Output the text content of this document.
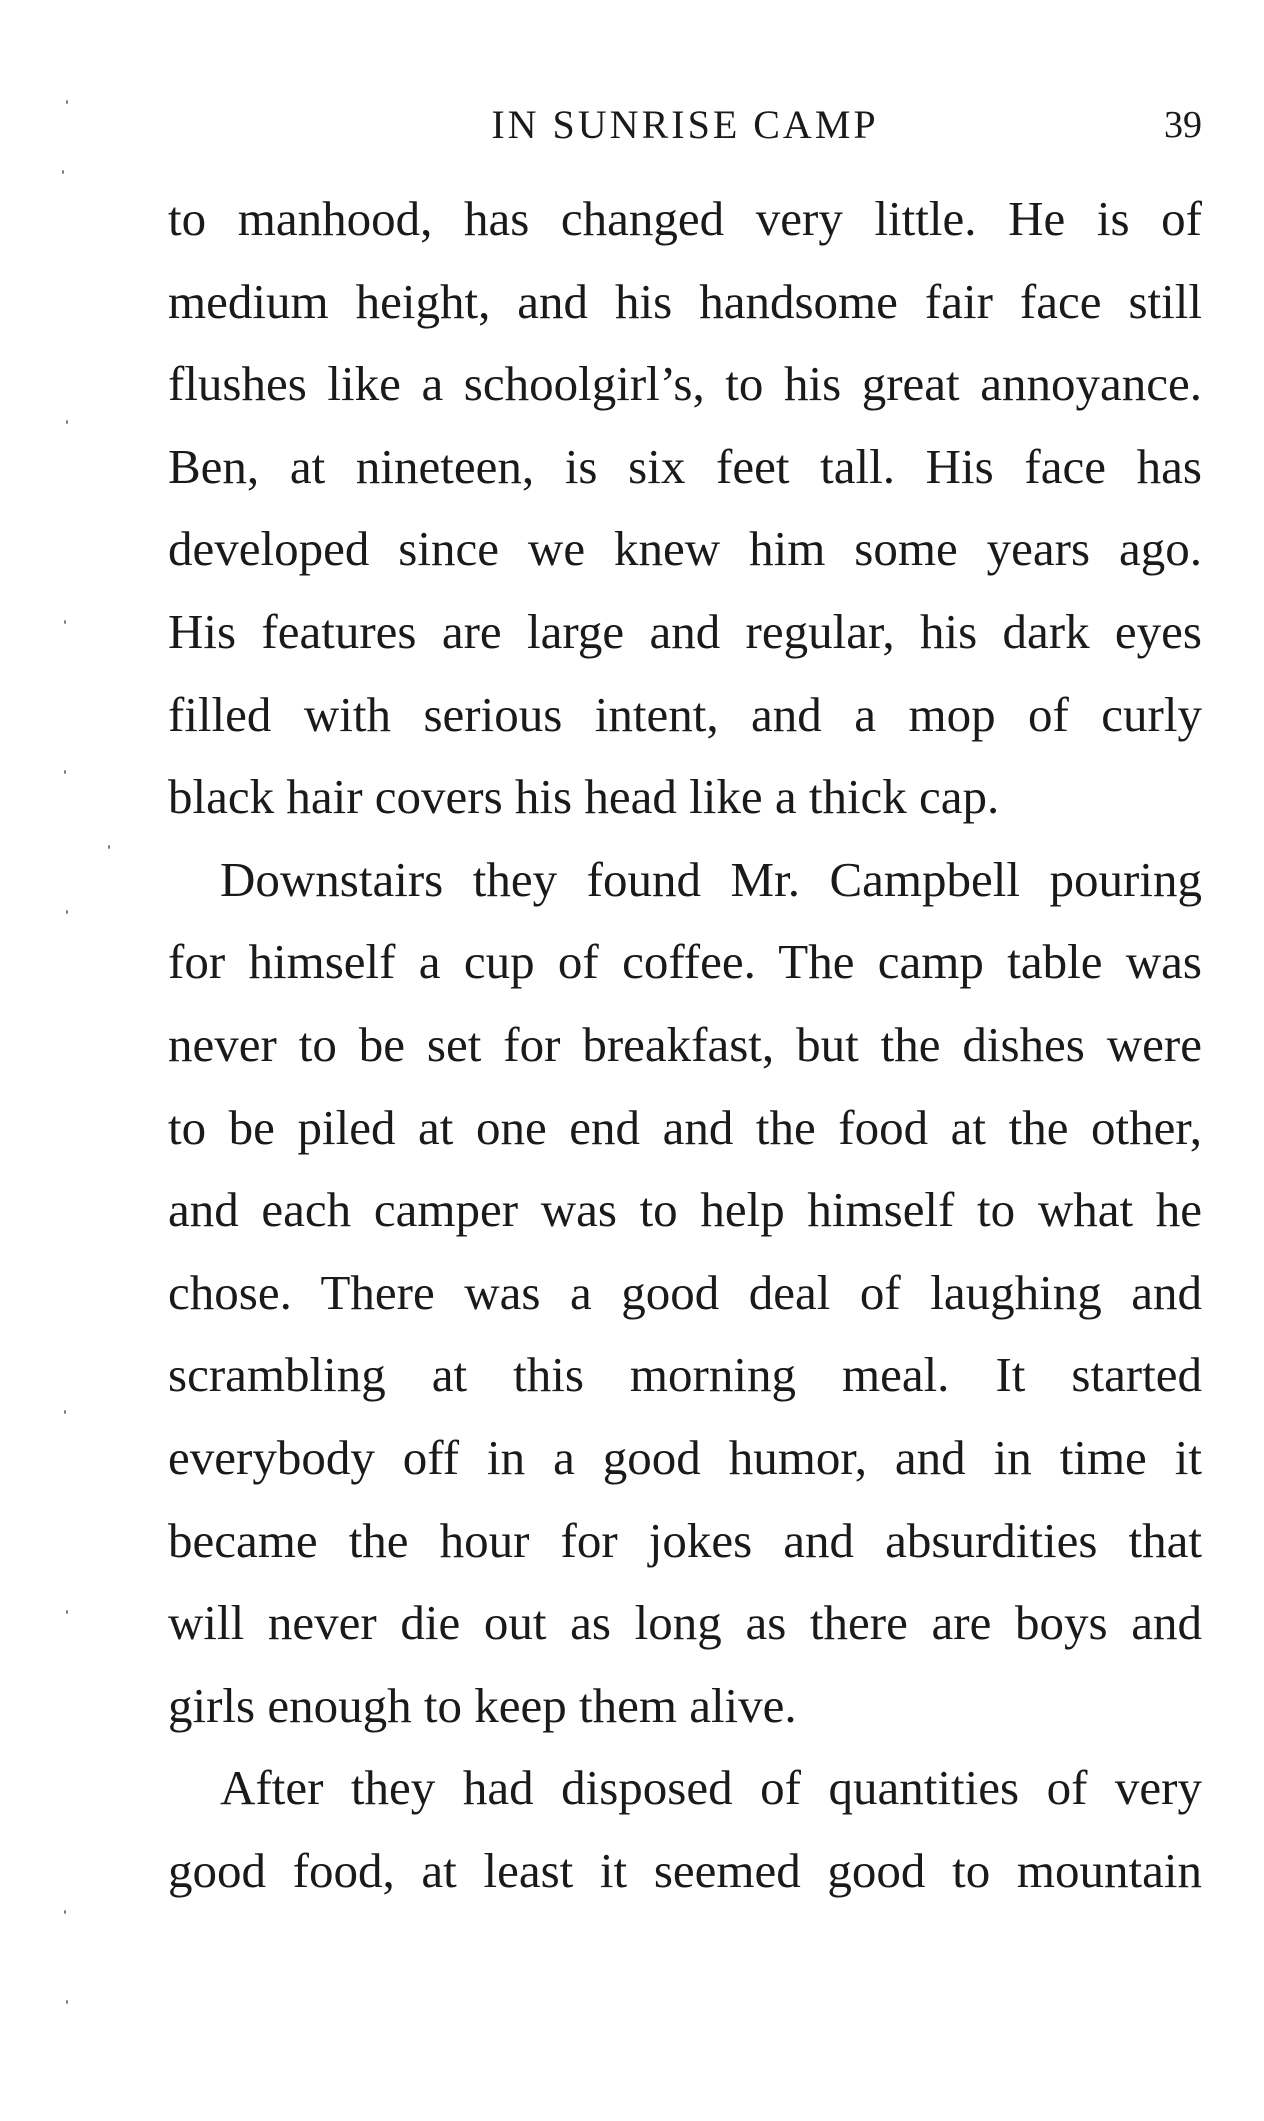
IN SUNRISE CAMP	39

to manhood, has changed very little. He is of
medium height, and his handsome fair face still
flushes like a schoolgirl’s, to his great annoyance.
Ben, at nineteen, is six feet tall. His face has
developed since we knew him some years ago.
His features are large and regular, his dark eyes
filled with serious intent, and a mop of curly
black hair covers his head like a thick cap.

Downstairs they found Mr. Campbell pouring
for himself a cup of coffee. The camp table was
never to be set for breakfast, but the dishes were
to be piled at one end and the food at the other,
and each camper was to help himself to what he
chose. There was a good deal of laughing and
scrambling at this morning meal. It started
everybody off in a good humor, and in time it
became the hour for jokes and absurdities that
will never die out as long as there are boys and
girls enough to keep them alive.

After they had disposed of quantities of very
good food, at least it seemed good to mountain
